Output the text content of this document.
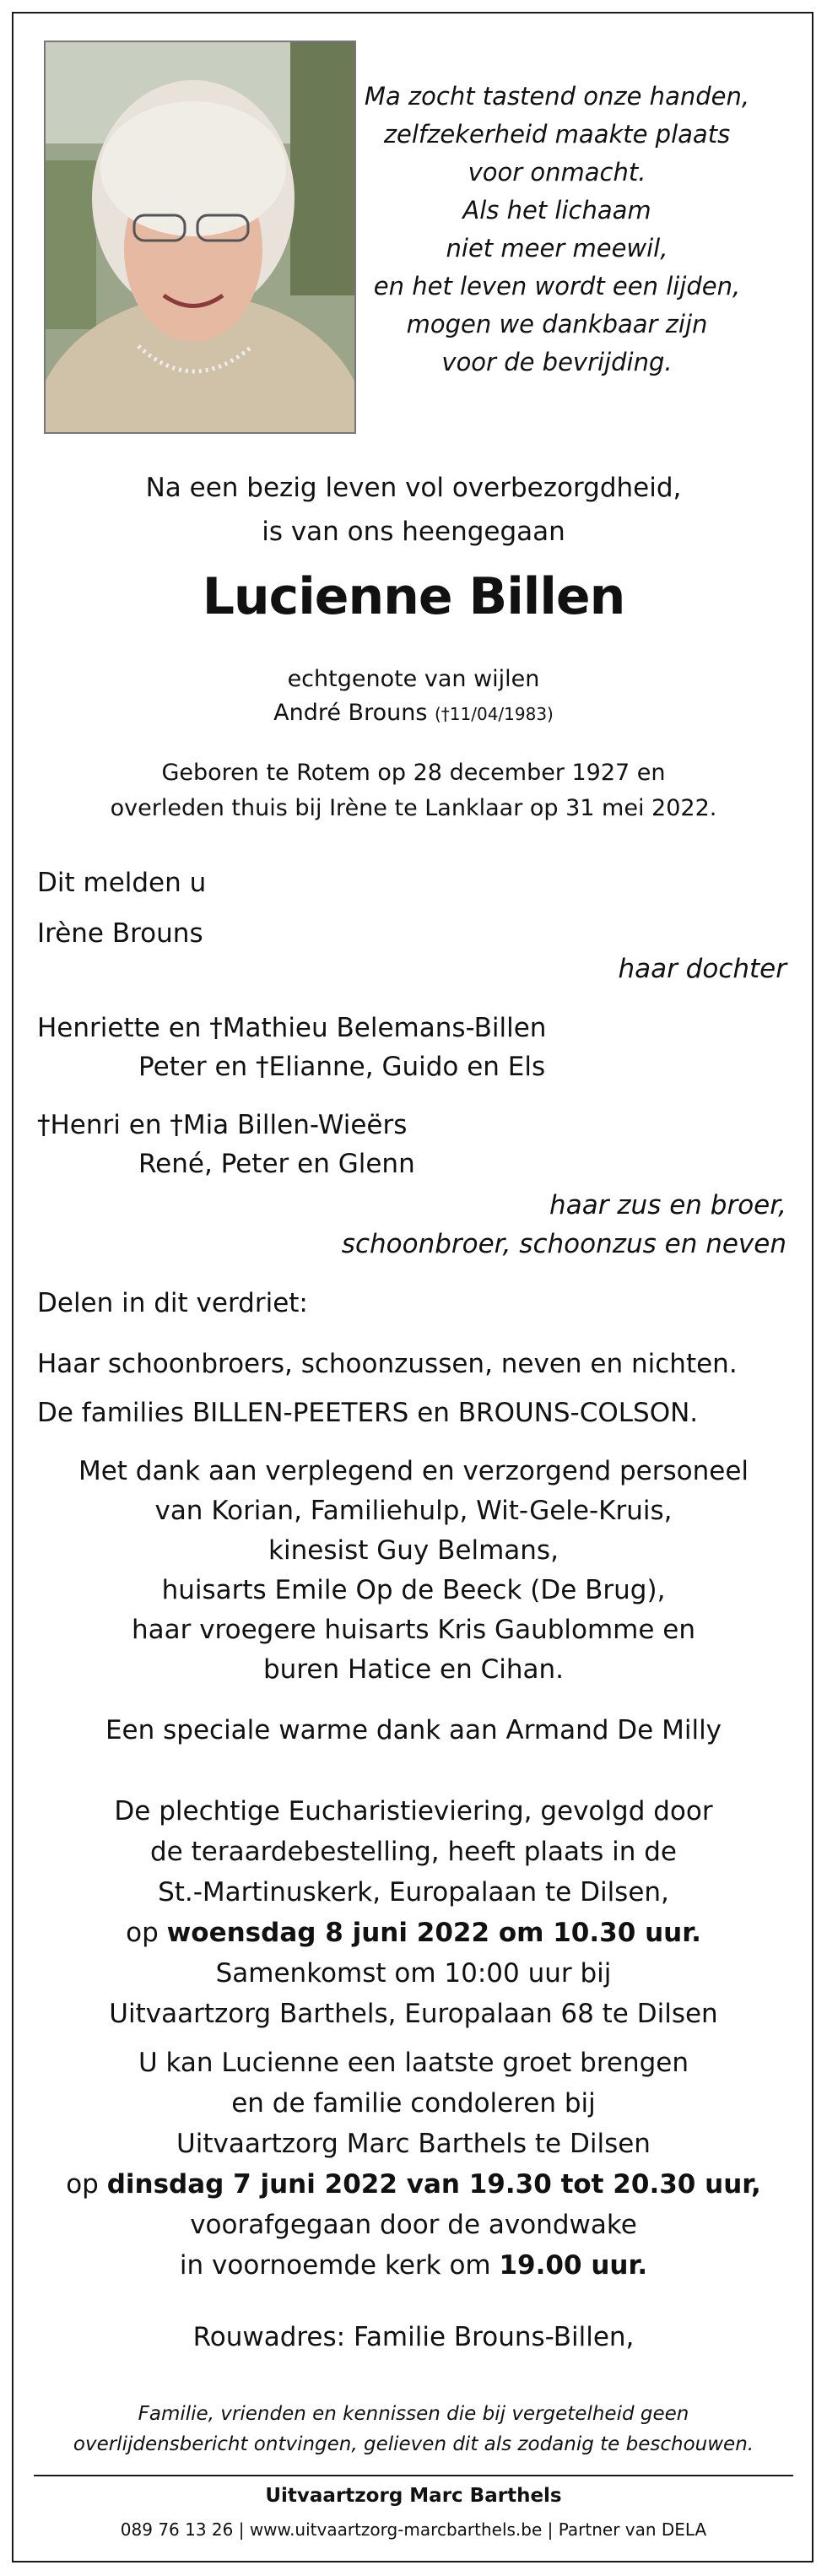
Ma zocht tastend onze handen,
zelfzekerheid maakte plaats
voor onmacht.
Als het lichaam
niet meer meewil,
en het leven wordt een lijden,
mogen we dankbaar zijn
voor de bevrijding.
Na een bezig leven vol overbezorgdheid,
is van ons heengegaan
Lucienne Billen
echtgenote van wijlen
André Brouns (†11/04/1983)
Geboren te Rotem op 28 december 1927 en
overleden thuis bij Irène te Lanklaar op 31 mei 2022.
Dit melden u
Irène Brouns
haar dochter
Henriette en †Mathieu Belemans-Billen
Peter en †Elianne, Guido en Els
†Henri en †Mia Billen-Wieërs
René, Peter en Glenn
haar zus en broer,
schoonbroer, schoonzus en neven
Delen in dit verdriet:
Haar schoonbroers, schoonzussen, neven en nichten.
De families BILLEN-PEETERS en BROUNS-COLSON.
Met dank aan verplegend en verzorgend personeel
van Korian, Familiehulp, Wit-Gele-Kruis,
kinesist Guy Belmans,
huisarts Emile Op de Beeck (De Brug),
haar vroegere huisarts Kris Gaublomme en
buren Hatice en Cihan.
Een speciale warme dank aan Armand De Milly
De plechtige Eucharistieviering, gevolgd door
de teraardebestelling, heeft plaats in de
St.-Martinuskerk, Europalaan te Dilsen,
op woensdag 8 juni 2022 om 10.30 uur.
Samenkomst om 10:00 uur bij
Uitvaartzorg Barthels, Europalaan 68 te Dilsen
U kan Lucienne een laatste groet brengen
en de familie condoleren bij
Uitvaartzorg Marc Barthels te Dilsen
op dinsdag 7 juni 2022 van 19.30 tot 20.30 uur,
voorafgegaan door de avondwake
in voornoemde kerk om 19.00 uur.
Rouwadres: Familie Brouns-Billen,
Familie, vrienden en kennissen die bij vergetelheid geen
overlijdensbericht ontvingen, gelieven dit als zodanig te beschouwen.
Uitvaartzorg Marc Barthels
089 76 13 26 | www.uitvaartzorg-marcbarthels.be | Partner van DELA
